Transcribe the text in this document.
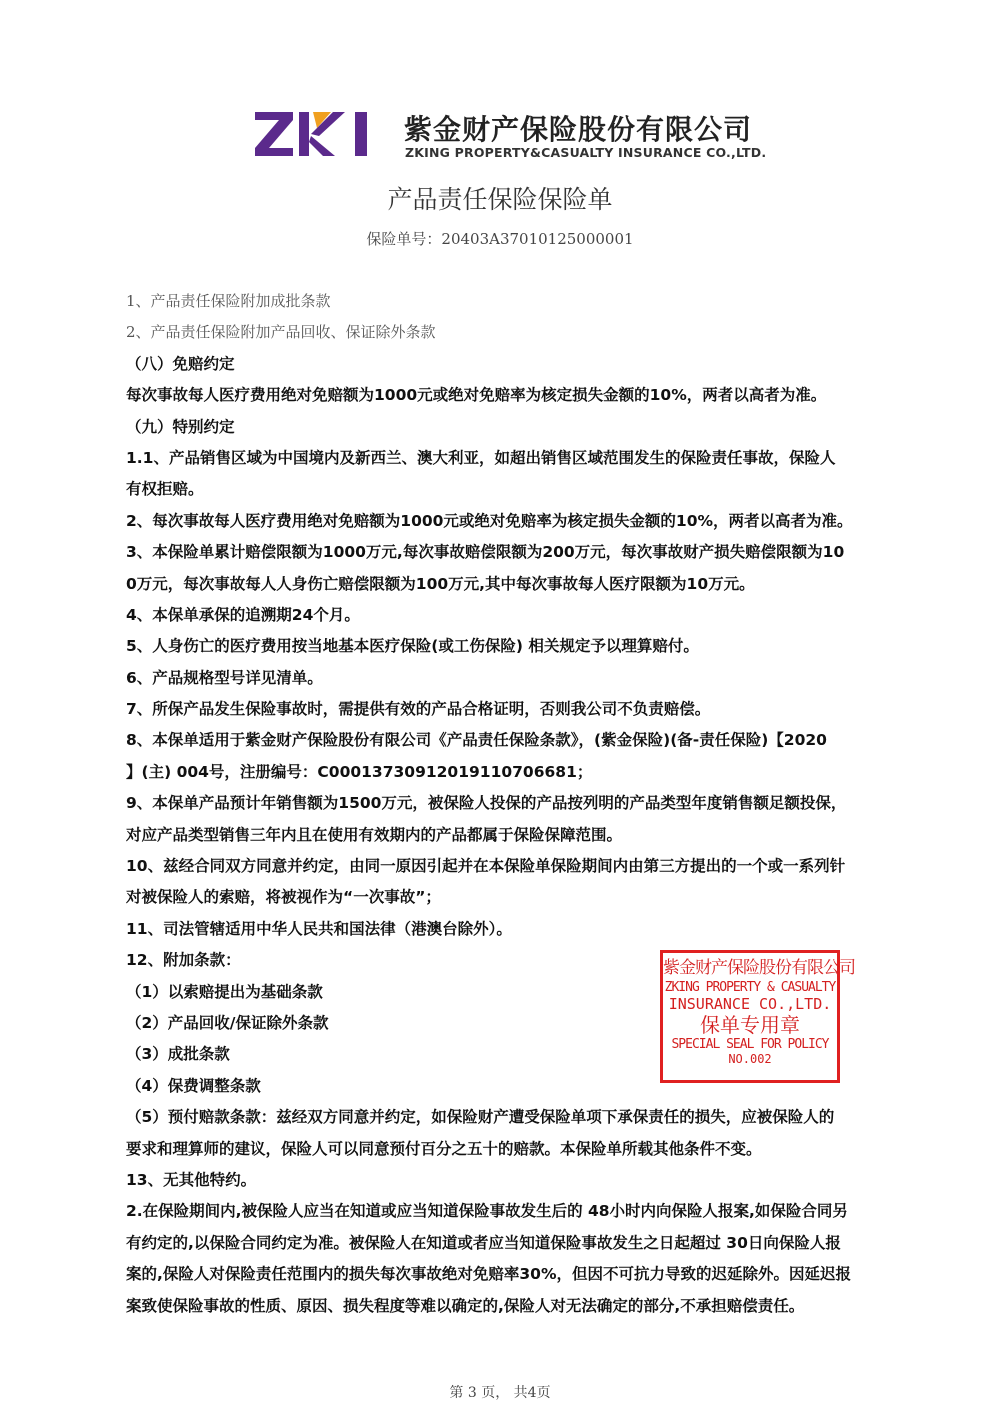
紫金财产保险股份有限公司
ZKING PROPERTY&CASUALTY INSURANCE CO.,LTD.
产品责任保险保险单
保险单号：20403A37010125000001
1、产品责任保险附加成批条款
2、产品责任保险附加产品回收、保证除外条款
（八）免赔约定
每次事故每人医疗费用绝对免赔额为1000元或绝对免赔率为核定损失金额的10%，两者以高者为准。
（九）特别约定
1.1、产品销售区域为中国境内及新西兰、澳大利亚，如超出销售区域范围发生的保险责任事故，保险人
有权拒赔。
2、每次事故每人医疗费用绝对免赔额为1000元或绝对免赔率为核定损失金额的10%，两者以高者为准。
3、本保险单累计赔偿限额为1000万元,每次事故赔偿限额为200万元，每次事故财产损失赔偿限额为10
0万元，每次事故每人人身伤亡赔偿限额为100万元,其中每次事故每人医疗限额为10万元。
4、本保单承保的追溯期24个月。
5、人身伤亡的医疗费用按当地基本医疗保险(或工伤保险) 相关规定予以理算赔付。
6、产品规格型号详见清单。
7、所保产品发生保险事故时，需提供有效的产品合格证明，否则我公司不负责赔偿。
8、本保单适用于紫金财产保险股份有限公司《产品责任保险条款》，(紫金保险)(备-责任保险)【2020
】(主) 004号，注册编号：C00013730912019110706681；
9、本保单产品预计年销售额为1500万元，被保险人投保的产品按列明的产品类型年度销售额足额投保，
对应产品类型销售三年内且在使用有效期内的产品都属于保险保障范围。
10、兹经合同双方同意并约定，由同一原因引起并在本保险单保险期间内由第三方提出的一个或一系列针
对被保险人的索赔，将被视作为“一次事故”；
11、司法管辖适用中华人民共和国法律（港澳台除外）。
12、附加条款：
（1）以索赔提出为基础条款
（2）产品回收/保证除外条款
（3）成批条款
（4）保费调整条款
（5）预付赔款条款：兹经双方同意并约定，如保险财产遭受保险单项下承保责任的损失，应被保险人的
要求和理算师的建议，保险人可以同意预付百分之五十的赔款。本保险单所载其他条件不变。
13、无其他特约。
2.在保险期间内,被保险人应当在知道或应当知道保险事故发生后的 48小时内向保险人报案,如保险合同另
有约定的,以保险合同约定为准。被保险人在知道或者应当知道保险事故发生之日起超过 30日向保险人报
案的,保险人对保险责任范围内的损失每次事故绝对免赔率30%，但因不可抗力导致的迟延除外。因延迟报
案致使保险事故的性质、原因、损失程度等难以确定的,保险人对无法确定的部分,不承担赔偿责任。
紫金财产保险股份有限公司
ZKING PROPERTY & CASUALTY
INSURANCE CO.,LTD.
保单专用章
SPECIAL SEAL FOR POLICY
NO.002
第 3 页， 共4页
